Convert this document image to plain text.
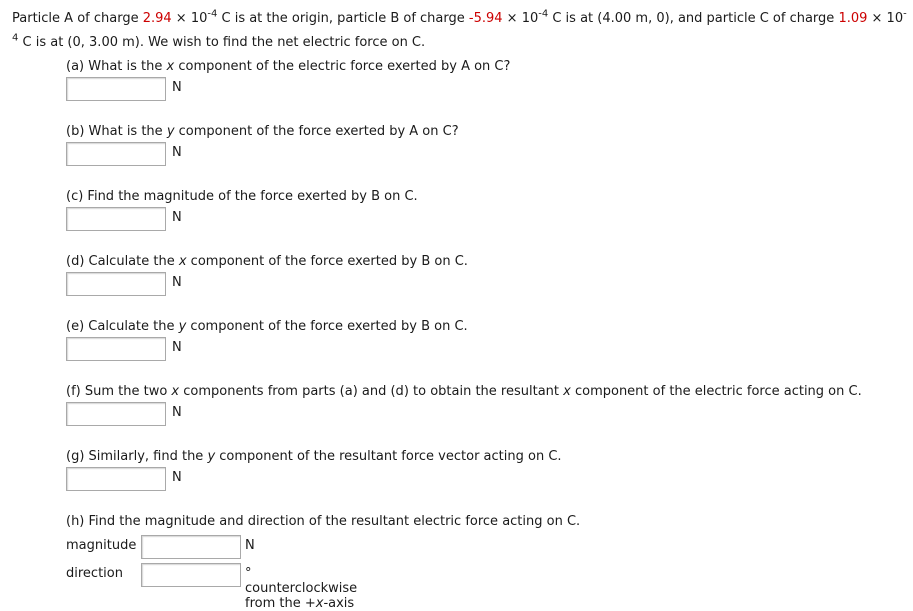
Particle A of charge $2.94 \times 10^{-4}$ C is at the origin, particle B of charge $-5.94 \times 10^{-4}$ C is at (4.00 m, 0), and particle C of charge $1.09 \times 10^{-4}$ C is at (0, 3.00 m). We wish to find the net electric force on C.
(a) What is the x component of the electric force exerted by A on C?
N
(b) What is the y component of the force exerted by A on C?
N
(c) Find the magnitude of the force exerted by B on C.
N
(d) Calculate the x component of the force exerted by B on C.
N
(e) Calculate the y component of the force exerted by B on C.
N
(f) Sum the two x components from parts (a) and (d) to obtain the resultant x component of the electric force acting on C.
N
(g) Similarly, find the y component of the resultant force vector acting on C.
N
(h) Find the magnitude and direction of the resultant electric force acting on C.
magnitude	N
direction	° counterclockwise from the +x-axis
